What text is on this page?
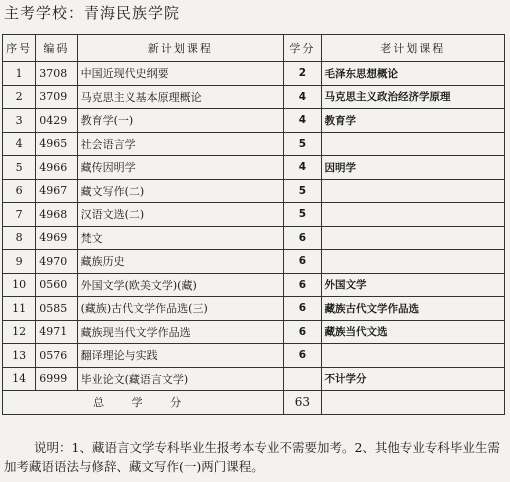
主考学校：青海民族学院
序号	编码	新计划课程	学分	老计划课程
1	3708	中国近现代史纲要	2	毛泽东思想概论
2	3709	马克思主义基本原理概论	4	马克思主义政治经济学原理
3	0429	教育学(一)	4	教育学
4	4965	社会语言学	5	
5	4966	藏传因明学	4	因明学
6	4967	藏文写作(二)	5	
7	4968	汉语文选(二)	5	
8	4969	梵文	6	
9	4970	藏族历史	6	
10	0560	外国文学(欧美文学)(藏)	6	外国文学
11	0585	(藏族)古代文学作品选(三)	6	藏族古代文学作品选
12	4971	藏族现当代文学作品选	6	藏族当代文选
13	0576	翻译理论与实践	6	
14	6999	毕业论文(藏语言文学)		不计学分
总 学 分			63	
说明：1、藏语言文学专科毕业生报考本专业不需要加考。2、其他专业专科毕业生需加考藏语语法与修辞、藏文写作(一)两门课程。
